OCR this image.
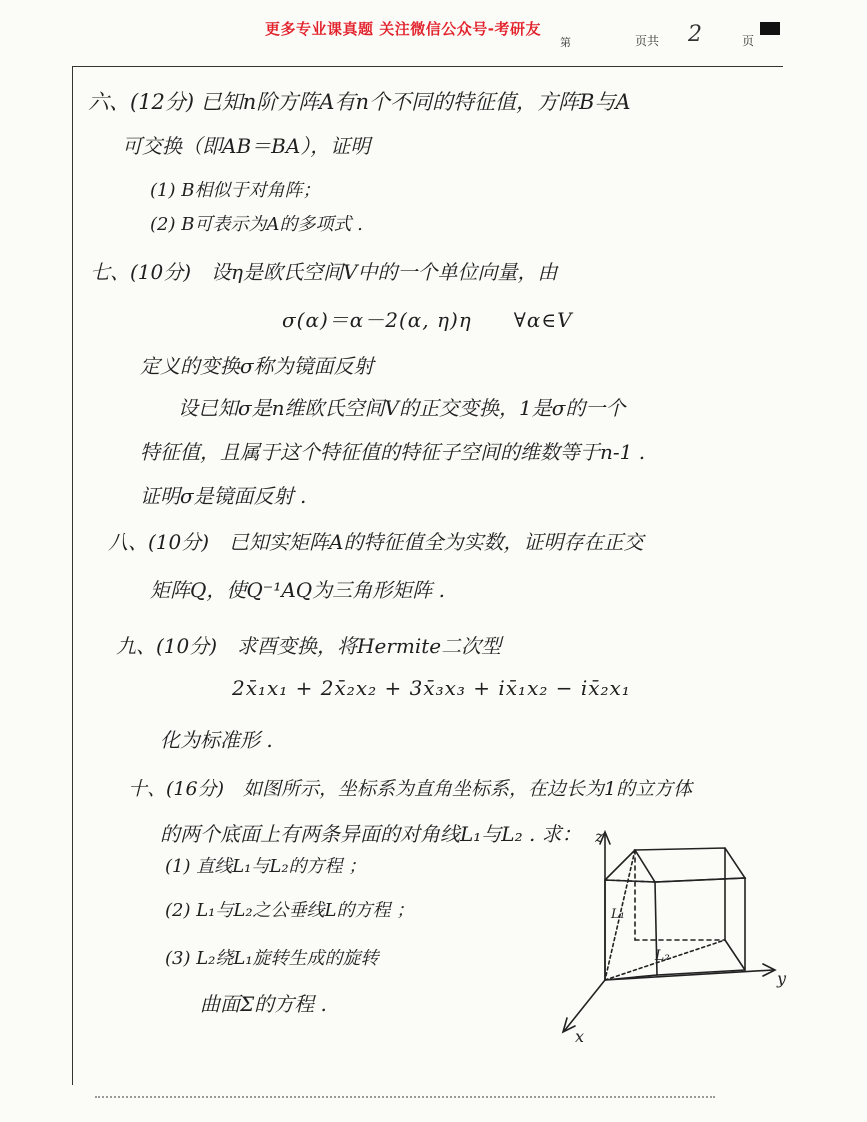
更多专业课真题 关注微信公众号-考研友
第	页共 2	页
六、(12分) 已知n阶方阵A有n个不同的特征值，方阵B与A
可交换（即AB＝BA），证明
(1) B相似于对角阵；
(2) B可表示为A的多项式 .
七、(10分)　设η是欧氏空间V中的一个单位向量，由
σ(α)＝α－2(α, η)η　　∀α∈V
定义的变换σ称为镜面反射
设已知σ是n维欧氏空间V的正交变换，1是σ的一个
特征值，且属于这个特征值的特征子空间的维数等于n-1 .
证明σ是镜面反射 .
八、(10分)　已知实矩阵A的特征值全为实数，证明存在正交
矩阵Q，使Q⁻¹AQ为三角形矩阵 .
九、(10分)　求酉变换，将Hermite二次型
2x̄₁x₁ + 2x̄₂x₂ + 3x̄₃x₃ + ix̄₁x₂ − ix̄₂x₁
化为标准形 .
十、(16分)　如图所示，坐标系为直角坐标系，在边长为1的立方体
的两个底面上有两条异面的对角线L₁与L₂ . 求：
(1) 直线L₁与L₂的方程 ；
(2) L₁与L₂之公垂线L的方程 ；
(3) L₂绕L₁旋转生成的旋转
曲面Σ的方程 .
z
y
x
L₁
L₂
